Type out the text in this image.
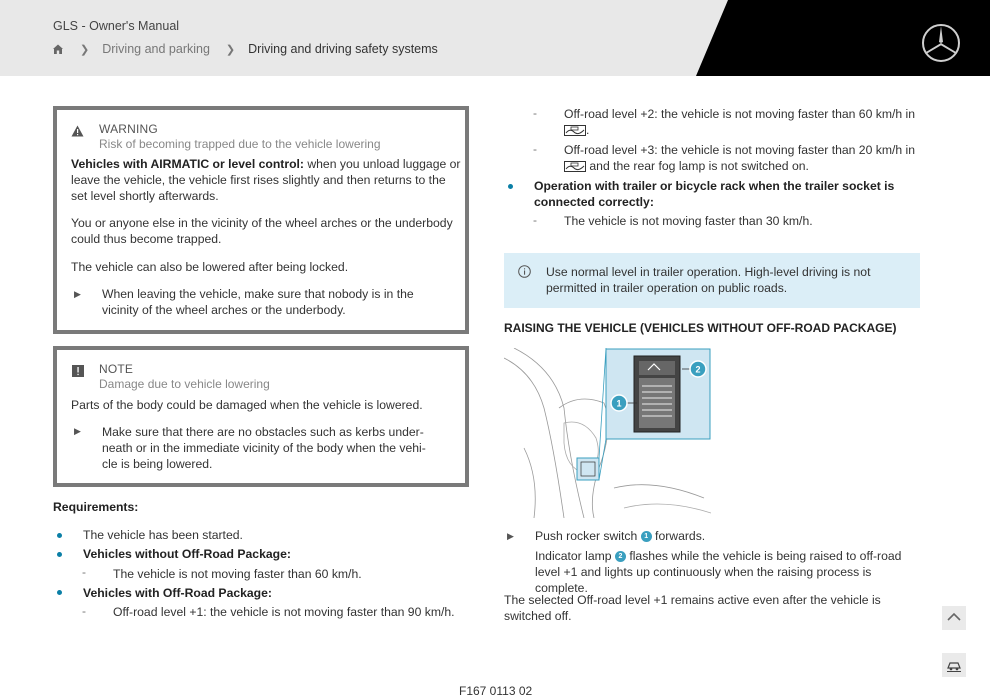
GLS - Owner's Manual
❯ Driving and parking ❯ Driving and driving safety systems
WARNING
Risk of becoming trapped due to the vehicle lowering
Vehicles with AIRMATIC or level control: when you unload luggage or
leave the vehicle, the vehicle first rises slightly and then returns to the
set level shortly afterwards.
You or anyone else in the vicinity of the wheel arches or the underbody
could thus become trapped.
The vehicle can also be lowered after being locked.
▶ When leaving the vehicle, make sure that nobody is in the
vicinity of the wheel arches or the underbody.
NOTE
Damage due to vehicle lowering
Parts of the body could be damaged when the vehicle is lowered.
▶ Make sure that there are no obstacles such as kerbs under-
neath or in the immediate vicinity of the body when the vehi-
cle is being lowered.
Requirements:
The vehicle has been started.
Vehicles without Off-Road Package:
- The vehicle is not moving faster than 60 km/h.
Vehicles with Off-Road Package:
- Off-road level +1: the vehicle is not moving faster than 90 km/h.
- Off-road level +2: the vehicle is not moving faster than 60 km/h in

.
- Off-road level +3: the vehicle is not moving faster than 20 km/h in

and the rear fog lamp is not switched on.
Operation with trailer or bicycle rack when the trailer socket is
connected correctly:
- The vehicle is not moving faster than 30 km/h.
Use normal level in trailer operation. High-level driving is not
permitted in trailer operation on public roads.
RAISING THE VEHICLE (VEHICLES WITHOUT OFF-ROAD PACKAGE)
1
2
▶ Push rocker switch 1 forwards.
Indicator lamp 2 flashes while the vehicle is being raised to off-road
level +1 and lights up continuously when the raising process is complete.
The selected Off-road level +1 remains active even after the vehicle is
switched off.
F167 0113 02
